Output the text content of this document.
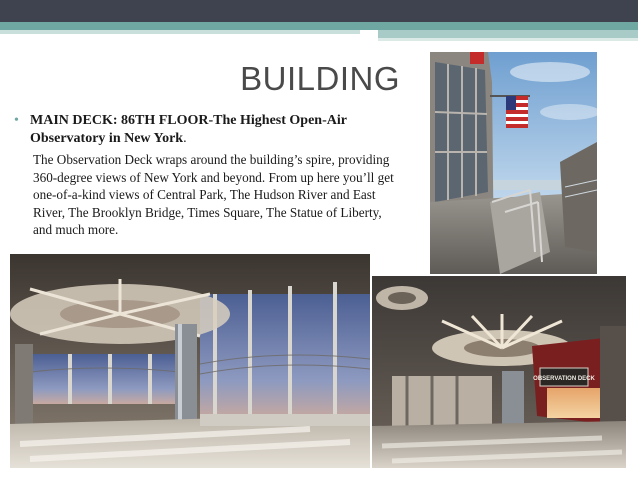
BUILDING
• MAIN DECK: 86TH FLOOR-The Highest Open-Air Observatory in New York.
The Observation Deck wraps around the building’s spire, providing 360-degree views of New York and beyond. From up here you’ll get one-of-a-kind views of Central Park, The Hudson River and East River, The Brooklyn Bridge, Times Square, The Statue of Liberty, and much more.
OBSERVATION DECK
